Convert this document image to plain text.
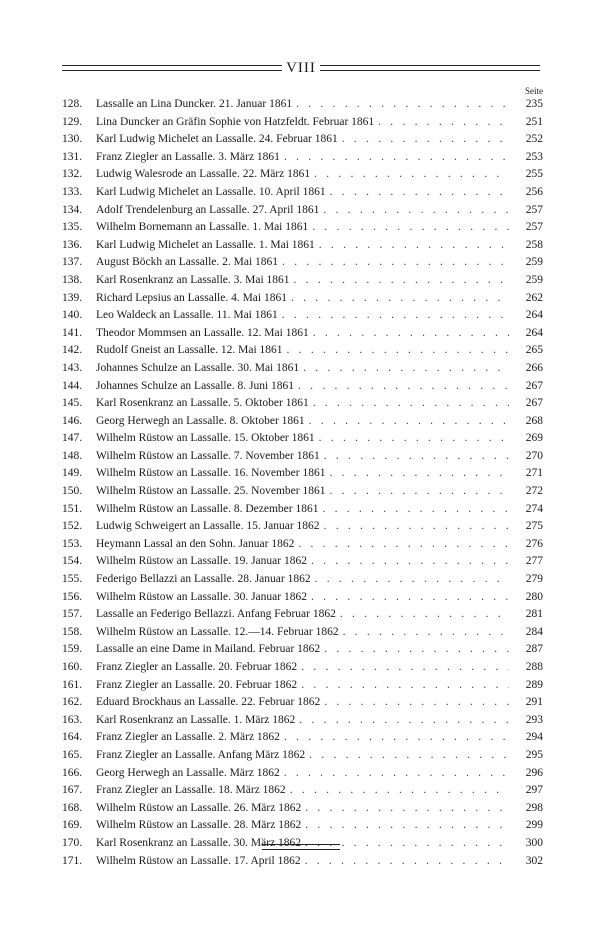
VIII
Seite
128.	Lassalle an Lina Duncker. 21. Januar 1861 . . .	235
129.	Lina Duncker an Gräfin Sophie von Hatzfeldt. Februar 1861 . . .	251
130.	Karl Ludwig Michelet an Lassalle. 24. Februar 1861 . . .	252
131.	Franz Ziegler an Lassalle. 3. März 1861 . . .	253
132.	Ludwig Walesrode an Lassalle. 22. März 1861 . . .	255
133.	Karl Ludwig Michelet an Lassalle. 10. April 1861 . . .	256
134.	Adolf Trendelenburg an Lassalle. 27. April 1861 . . .	257
135.	Wilhelm Bornemann an Lassalle. 1. Mai 1861 . . .	257
136.	Karl Ludwig Michelet an Lassalle. 1. Mai 1861 . . .	258
137.	August Böckh an Lassalle. 2. Mai 1861 . . .	259
138.	Karl Rosenkranz an Lassalle. 3. Mai 1861 . . .	259
139.	Richard Lepsius an Lassalle. 4. Mai 1861 . . .	262
140.	Leo Waldeck an Lassalle. 11. Mai 1861 . . .	264
141.	Theodor Mommsen an Lassalle. 12. Mai 1861 . . .	264
142.	Rudolf Gneist an Lassalle. 12. Mai 1861 . . .	265
143.	Johannes Schulze an Lassalle. 30. Mai 1861 . . .	266
144.	Johannes Schulze an Lassalle. 8. Juni 1861 . . .	267
145.	Karl Rosenkranz an Lassalle. 5. Oktober 1861 . . .	267
146.	Georg Herwegh an Lassalle. 8. Oktober 1861 . . .	268
147.	Wilhelm Rüstow an Lassalle. 15. Oktober 1861 . . .	269
148.	Wilhelm Rüstow an Lassalle. 7. November 1861 . . .	270
149.	Wilhelm Rüstow an Lassalle. 16. November 1861 . . .	271
150.	Wilhelm Rüstow an Lassalle. 25. November 1861 . . .	272
151.	Wilhelm Rüstow an Lassalle. 8. Dezember 1861 . . .	274
152.	Ludwig Schweigert an Lassalle. 15. Januar 1862 . . .	275
153.	Heymann Lassal an den Sohn. Januar 1862 . . .	276
154.	Wilhelm Rüstow an Lassalle. 19. Januar 1862 . . .	277
155.	Federigo Bellazzi an Lassalle. 28. Januar 1862 . . .	279
156.	Wilhelm Rüstow an Lassalle. 30. Januar 1862 . . .	280
157.	Lassalle an Federigo Bellazzi. Anfang Februar 1862 . . .	281
158.	Wilhelm Rüstow an Lassalle. 12.—14. Februar 1862 . . .	284
159.	Lassalle an eine Dame in Mailand. Februar 1862 . . .	287
160.	Franz Ziegler an Lassalle. 20. Februar 1862 . . .	288
161.	Franz Ziegler an Lassalle. 20. Februar 1862 . . .	289
162.	Eduard Brockhaus an Lassalle. 22. Februar 1862 . . .	291
163.	Karl Rosenkranz an Lassalle. 1. März 1862 . . .	293
164.	Franz Ziegler an Lassalle. 2. März 1862 . . .	294
165.	Franz Ziegler an Lassalle. Anfang März 1862 . . .	295
166.	Georg Herwegh an Lassalle. März 1862 . . .	296
167.	Franz Ziegler an Lassalle. 18. März 1862 . . .	297
168.	Wilhelm Rüstow an Lassalle. 26. März 1862 . . .	298
169.	Wilhelm Rüstow an Lassalle. 28. März 1862 . . .	299
170.	Karl Rosenkranz an Lassalle. 30. März 1862 . . .	300
171.	Wilhelm Rüstow an Lassalle. 17. April 1862 . . .	302
